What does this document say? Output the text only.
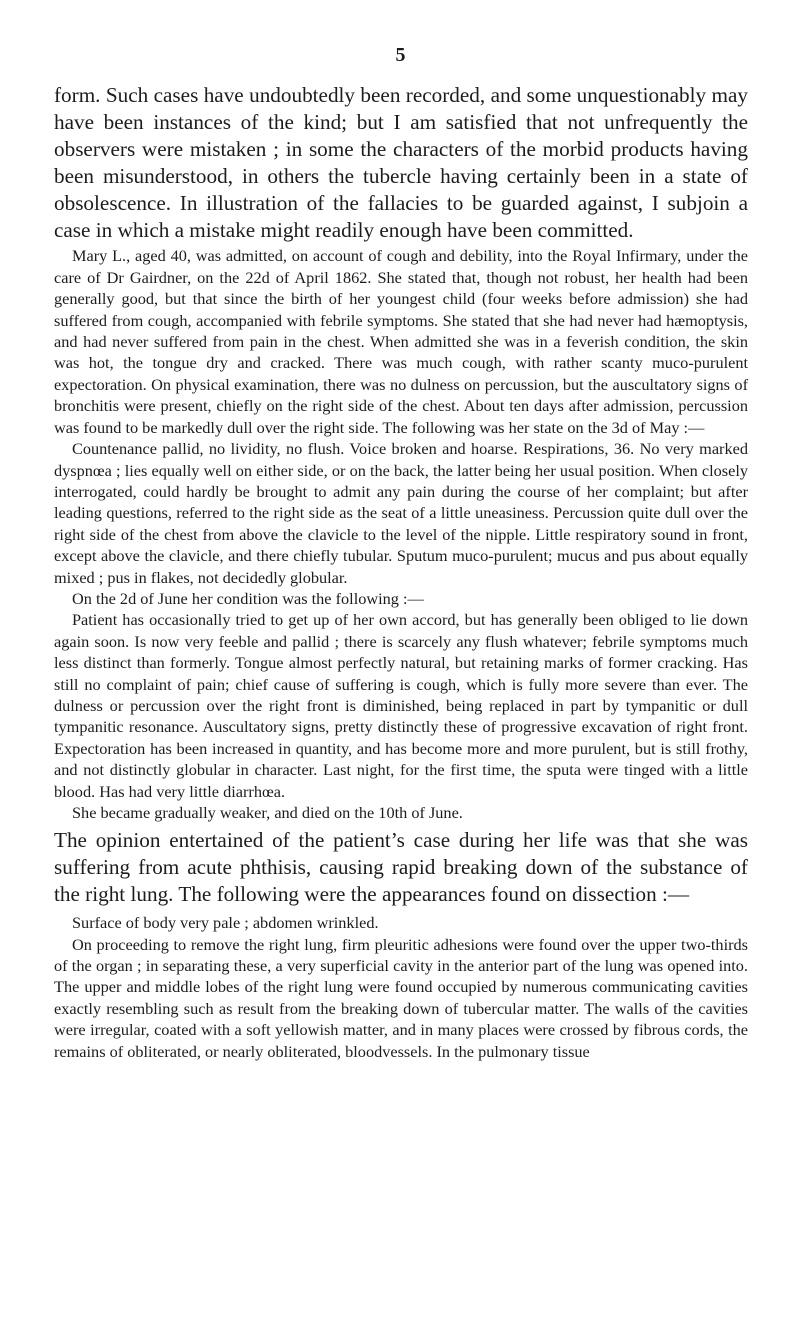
5

form. Such cases have undoubtedly been recorded, and some unquestionably may have been instances of the kind; but I am satisfied that not unfrequently the observers were mistaken ; in some the characters of the morbid products having been misunderstood, in others the tubercle having certainly been in a state of obsolescence. In illustration of the fallacies to be guarded against, I subjoin a case in which a mistake might readily enough have been committed.

Mary L., aged 40, was admitted, on account of cough and debility, into the Royal Infirmary, under the care of Dr Gairdner, on the 22d of April 1862. She stated that, though not robust, her health had been generally good, but that since the birth of her youngest child (four weeks before admission) she had suffered from cough, accompanied with febrile symptoms. She stated that she had never had hæmoptysis, and had never suffered from pain in the chest. When admitted she was in a feverish condition, the skin was hot, the tongue dry and cracked. There was much cough, with rather scanty muco-purulent expectoration. On physical examination, there was no dulness on percussion, but the auscultatory signs of bronchitis were present, chiefly on the right side of the chest. About ten days after admission, percussion was found to be markedly dull over the right side. The following was her state on the 3d of May :—

Countenance pallid, no lividity, no flush. Voice broken and hoarse. Respirations, 36. No very marked dyspnœa ; lies equally well on either side, or on the back, the latter being her usual position. When closely interrogated, could hardly be brought to admit any pain during the course of her complaint; but after leading questions, referred to the right side as the seat of a little uneasiness. Percussion quite dull over the right side of the chest from above the clavicle to the level of the nipple. Little respiratory sound in front, except above the clavicle, and there chiefly tubular. Sputum muco-purulent; mucus and pus about equally mixed ; pus in flakes, not decidedly globular.

On the 2d of June her condition was the following :—

Patient has occasionally tried to get up of her own accord, but has generally been obliged to lie down again soon. Is now very feeble and pallid ; there is scarcely any flush whatever; febrile symptoms much less distinct than formerly. Tongue almost perfectly natural, but retaining marks of former cracking. Has still no complaint of pain; chief cause of suffering is cough, which is fully more severe than ever. The dulness or percussion over the right front is diminished, being replaced in part by tympanitic or dull tympanitic resonance. Auscultatory signs, pretty distinctly these of progressive excavation of right front. Expectoration has been increased in quantity, and has become more and more purulent, but is still frothy, and not distinctly globular in character. Last night, for the first time, the sputa were tinged with a little blood. Has had very little diarrhœa.

She became gradually weaker, and died on the 10th of June.

The opinion entertained of the patient’s case during her life was that she was suffering from acute phthisis, causing rapid breaking down of the substance of the right lung. The following were the appearances found on dissection :—

Surface of body very pale ; abdomen wrinkled.

On proceeding to remove the right lung, firm pleuritic adhesions were found over the upper two-thirds of the organ ; in separating these, a very superficial cavity in the anterior part of the lung was opened into. The upper and middle lobes of the right lung were found occupied by numerous communicating cavities exactly resembling such as result from the breaking down of tubercular matter. The walls of the cavities were irregular, coated with a soft yellowish matter, and in many places were crossed by fibrous cords, the remains of obliterated, or nearly obliterated, bloodvessels. In the pulmonary tissue
